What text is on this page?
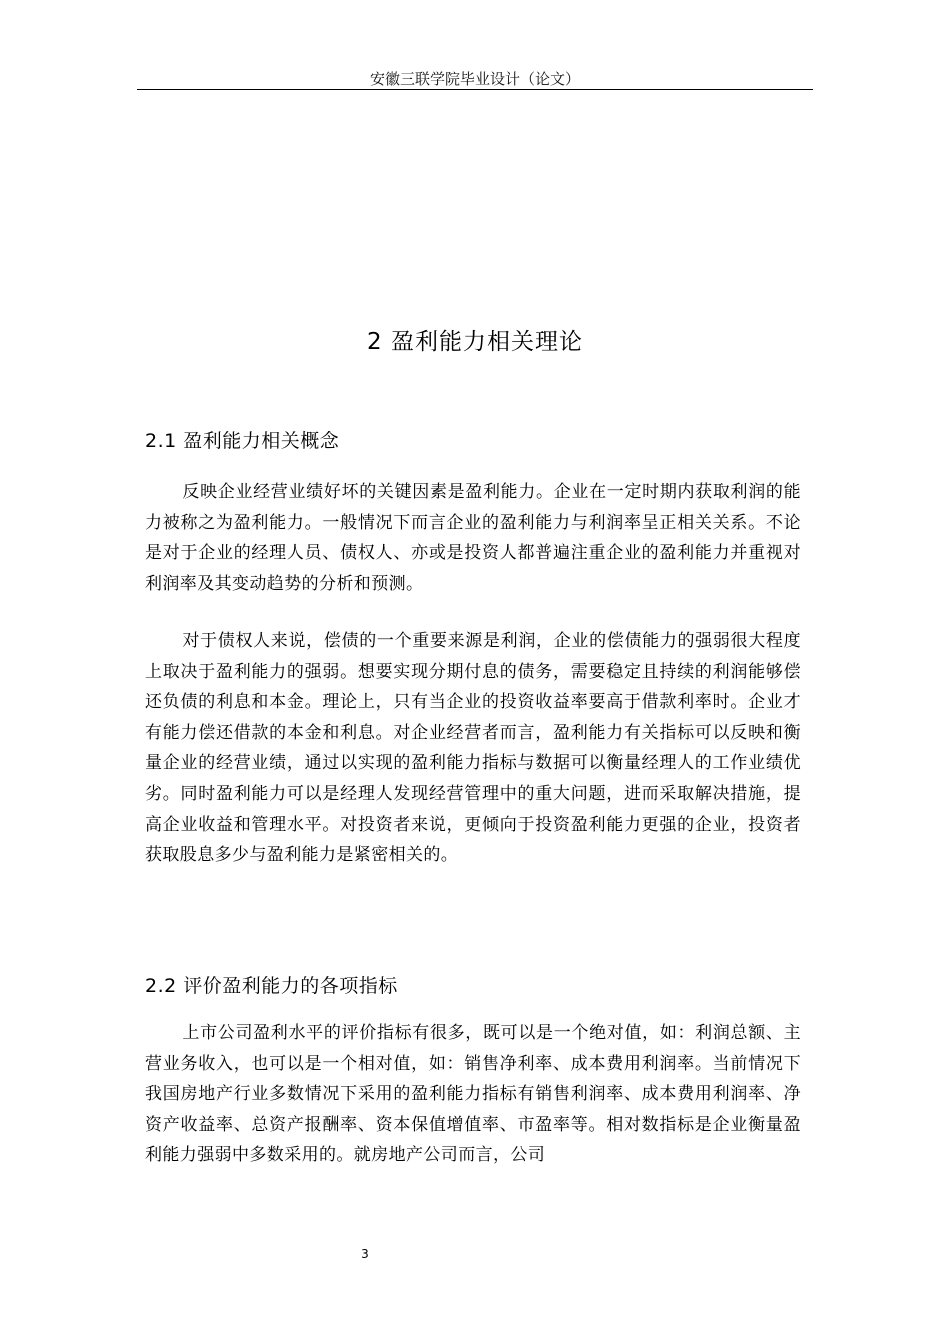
安徽三联学院毕业设计（论文）
2 盈利能力相关理论
2.1 盈利能力相关概念

反映企业经营业绩好坏的关键因素是盈利能力。企业在一定时期内获取利润的能力被称之为盈利能力。一般情况下而言企业的盈利能力与利润率呈正相关关系。不论是对于企业的经理人员、债权人、亦或是投资人都普遍注重企业的盈利能力并重视对利润率及其变动趋势的分析和预测。

对于债权人来说，偿债的一个重要来源是利润，企业的偿债能力的强弱很大程度上取决于盈利能力的强弱。想要实现分期付息的债务，需要稳定且持续的利润能够偿还负债的利息和本金。理论上，只有当企业的投资收益率要高于借款利率时。企业才有能力偿还借款的本金和利息。对企业经营者而言，盈利能力有关指标可以反映和衡量企业的经营业绩，通过以实现的盈利能力指标与数据可以衡量经理人的工作业绩优劣。同时盈利能力可以是经理人发现经营管理中的重大问题，进而采取解决措施，提高企业收益和管理水平。对投资者来说，更倾向于投资盈利能力更强的企业，投资者获取股息多少与盈利能力是紧密相关的。

2.2 评价盈利能力的各项指标

上市公司盈利水平的评价指标有很多，既可以是一个绝对值，如：利润总额、主营业务收入，也可以是一个相对值，如：销售净利率、成本费用利润率。当前情况下我国房地产行业多数情况下采用的盈利能力指标有销售利润率、成本费用利润率、净资产收益率、总资产报酬率、资本保值增值率、市盈率等。相对数指标是企业衡量盈利能力强弱中多数采用的。就房地产公司而言，公司

3
